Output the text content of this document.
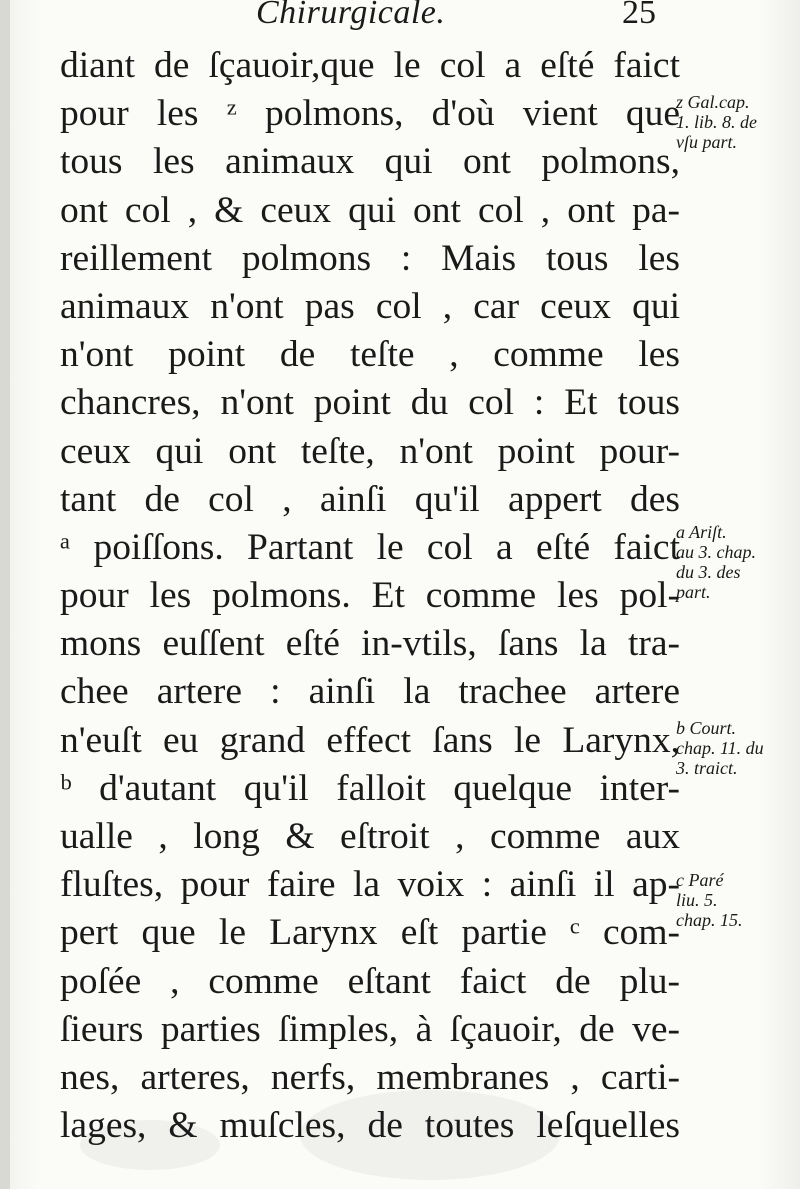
Chirurgicale.	25
diant de ſçauoir,que le col a eſté faict
pour les ᶻ polmons, d'où vient que
tous les animaux qui ont polmons,
ont col , & ceux qui ont col , ont pa-
reillement polmons : Mais tous les
animaux n'ont pas col , car ceux qui
n'ont point de teſte , comme les
chancres, n'ont point du col : Et tous
ceux qui ont teſte, n'ont point pour-
tant de col , ainſi qu'il appert des
ᵃ poiſſons. Partant le col a eſté faict
pour les polmons. Et comme les pol-
mons euſſent eſté in-vtils, ſans la tra-
chee artere : ainſi la trachee artere
n'euſt eu grand effect ſans le Larynx,
ᵇ d'autant qu'il falloit quelque inter-
ualle , long & eſtroit , comme aux
fluſtes, pour faire la voix : ainſi il ap-
pert que le Larynx eſt partie ᶜ com-
poſée , comme eſtant faict de plu-
ſieurs parties ſimples, à ſçauoir, de ve-
nes, arteres, nerfs, membranes , carti-
lages, & muſcles, de toutes leſquelles
z Gal.cap.
1. lib. 8. de
vſu part.
a Ariſt.
au 3. chap.
du 3. des
part.
b Court.
chap. 11. du
3. traict.
c Paré
liu. 5.
chap. 15.
